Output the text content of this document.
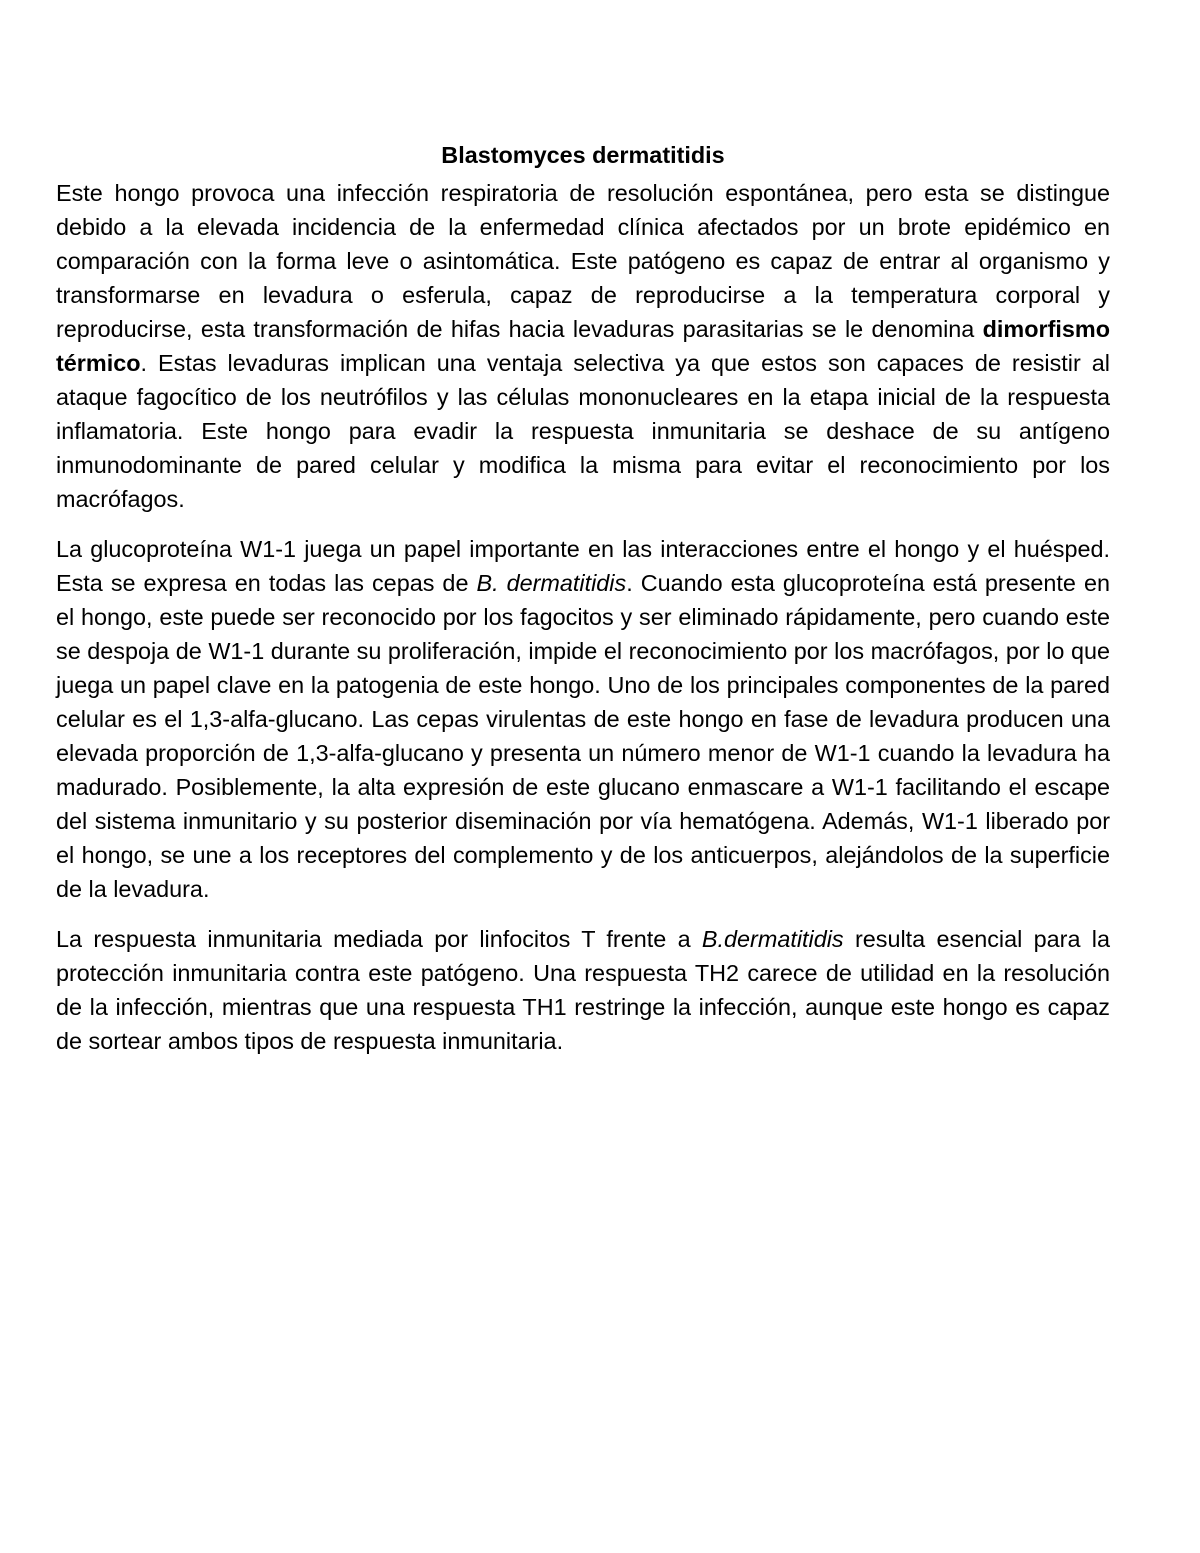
Blastomyces dermatitidis

Este hongo provoca una infección respiratoria de resolución espontánea, pero esta se distingue debido a la elevada incidencia de la enfermedad clínica afectados por un brote epidémico en comparación con la forma leve o asintomática. Este patógeno es capaz de entrar al organismo y transformarse en levadura o esferula, capaz de reproducirse a la temperatura corporal y reproducirse, esta transformación de hifas hacia levaduras parasitarias se le denomina dimorfismo térmico. Estas levaduras implican una ventaja selectiva ya que estos son capaces de resistir al ataque fagocítico de los neutrófilos y las células mononucleares en la etapa inicial de la respuesta inflamatoria. Este hongo para evadir la respuesta inmunitaria se deshace de su antígeno inmunodominante de pared celular y modifica la misma para evitar el reconocimiento por los macrófagos.

La glucoproteína W1-1 juega un papel importante en las interacciones entre el hongo y el huésped. Esta se expresa en todas las cepas de B. dermatitidis. Cuando esta glucoproteína está presente en el hongo, este puede ser reconocido por los fagocitos y ser eliminado rápidamente, pero cuando este se despoja de W1-1 durante su proliferación, impide el reconocimiento por los macrófagos, por lo que juega un papel clave en la patogenia de este hongo. Uno de los principales componentes de la pared celular es el 1,3-alfa-glucano. Las cepas virulentas de este hongo en fase de levadura producen una elevada proporción de 1,3-alfa-glucano y presenta un número menor de W1-1 cuando la levadura ha madurado. Posiblemente, la alta expresión de este glucano enmascare a W1-1 facilitando el escape del sistema inmunitario y su posterior diseminación por vía hematógena. Además, W1-1 liberado por el hongo, se une a los receptores del complemento y de los anticuerpos, alejándolos de la superficie de la levadura.

La respuesta inmunitaria mediada por linfocitos T frente a B.dermatitidis resulta esencial para la protección inmunitaria contra este patógeno. Una respuesta TH2 carece de utilidad en la resolución de la infección, mientras que una respuesta TH1 restringe la infección, aunque este hongo es capaz de sortear ambos tipos de respuesta inmunitaria.
